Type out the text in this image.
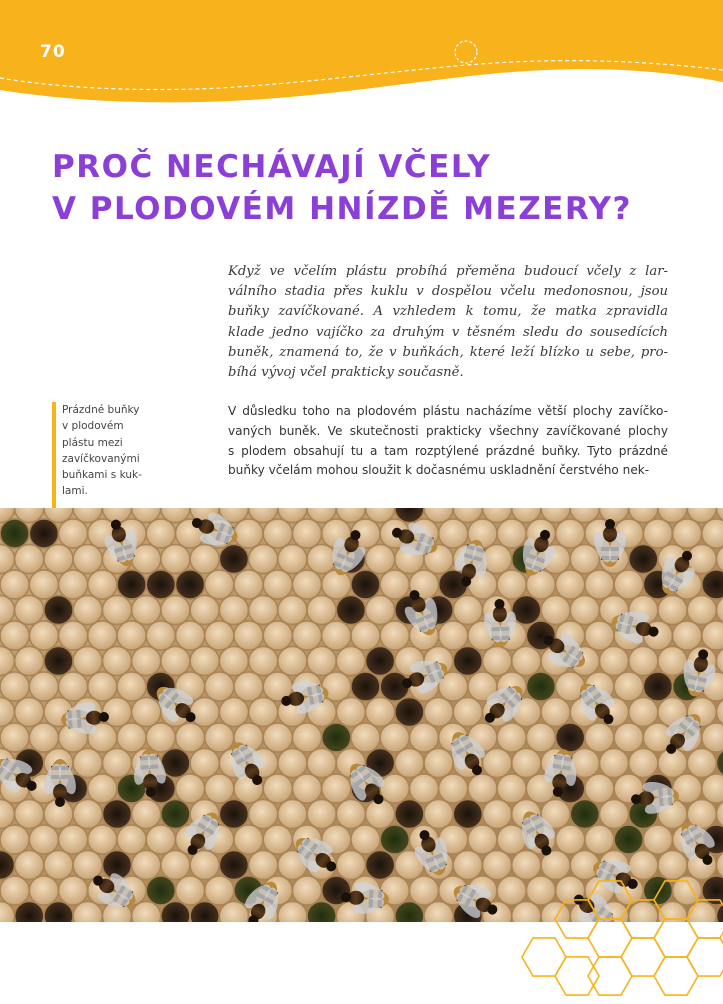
70
PROČ NECHÁVAJÍ VČELY
V PLODOVÉM HNÍZDĚ MEZERY?
Když ve včelím plástu probíhá přeměna budoucí včely z lar-
válního stadia přes kuklu v dospělou včelu medonosnou, jsou
buňky zavíčkované. A vzhledem k tomu, že matka zpravidla
klade jedno vajíčko za druhým v těsném sledu do sousedících
buněk, znamená to, že v buňkách, které leží blízko u sebe, pro-
bíhá vývoj včel prakticky současně.
Prázdné buňky
v plodovém
plástu mezi
zavíčkovanými
buňkami s kuk-
lami.
V důsledku toho na plodovém plástu nacházíme větší plochy zavíčko-
vaných buněk. Ve skutečnosti prakticky všechny zavíčkované plochy
s plodem obsahují tu a tam rozptýlené prázdné buňky. Tyto prázdné
buňky včelám mohou sloužit k dočasnému uskladnění čerstvého nek-
